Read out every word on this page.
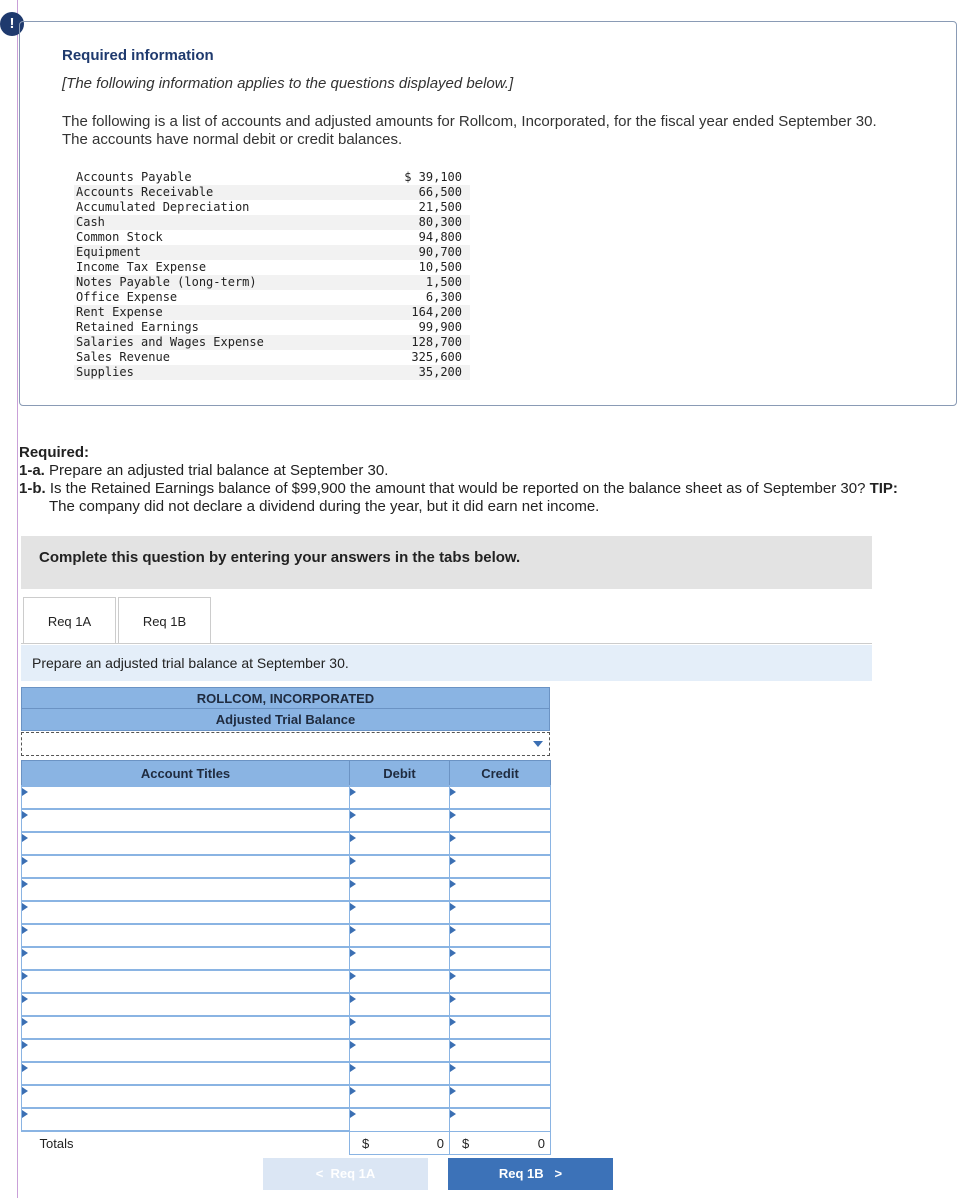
!
Required information
[The following information applies to the questions displayed below.]
The following is a list of accounts and adjusted amounts for Rollcom, Incorporated, for the fiscal year ended September 30. The accounts have normal debit or credit balances.
Accounts Payable	$ 39,100
Accounts Receivable	66,500
Accumulated Depreciation	21,500
Cash	80,300
Common Stock	94,800
Equipment	90,700
Income Tax Expense	10,500
Notes Payable (long-term)	1,500
Office Expense	6,300
Rent Expense	164,200
Retained Earnings	99,900
Salaries and Wages Expense	128,700
Sales Revenue	325,600
Supplies	35,200
Required:
1-a. Prepare an adjusted trial balance at September 30.
1-b. Is the Retained Earnings balance of $99,900 the amount that would be reported on the balance sheet as of September 30? TIP:
The company did not declare a dividend during the year, but it did earn net income.
Complete this question by entering your answers in the tabs below.
Req 1A	Req 1B
Prepare an adjusted trial balance at September 30.
ROLLCOM, INCORPORATED
Adjusted Trial Balance
Account Titles	Debit	Credit

Totals	$ 0	$ 0
< Req 1A	Req 1B >
